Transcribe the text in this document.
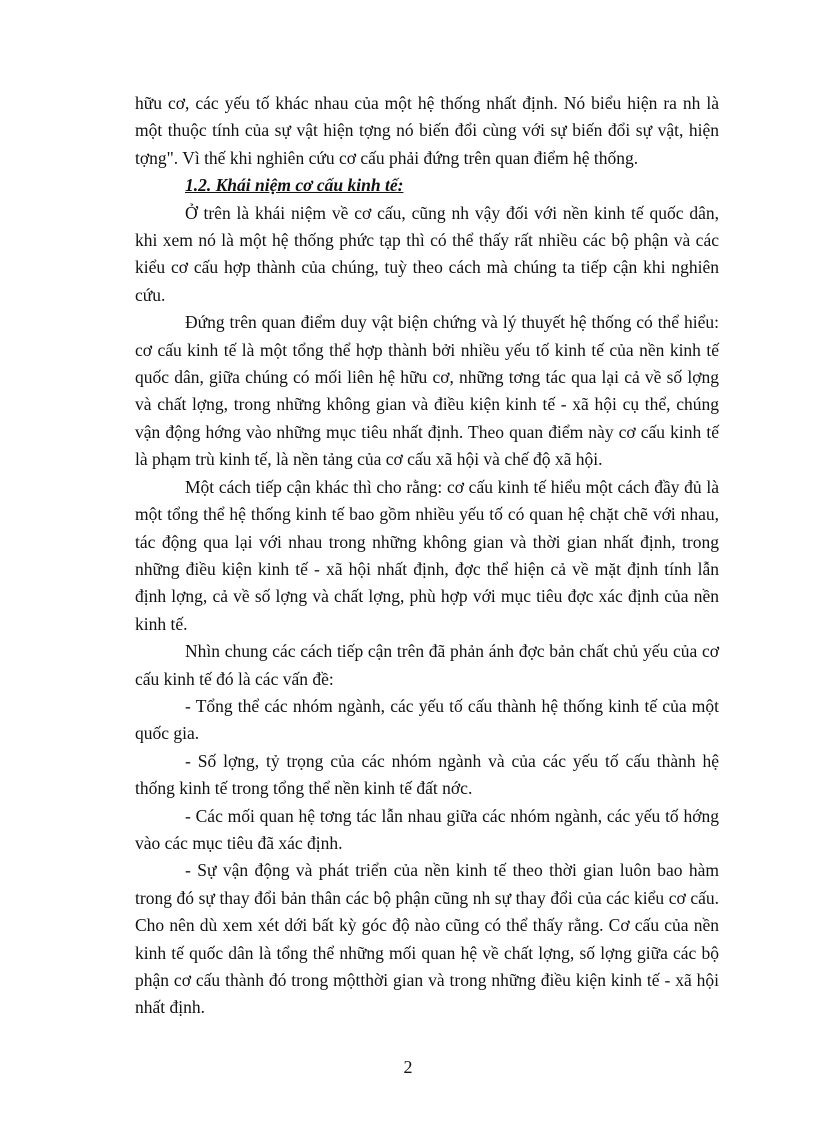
hữu cơ, các yếu tố khác nhau của một hệ thống nhất định. Nó biểu hiện ra nh là một thuộc tính của sự vật hiện tợng nó biến đổi cùng với sự biến đổi sự vật, hiện tợng". Vì thế khi nghiên cứu cơ cấu phải đứng trên quan điểm hệ thống.

1.2. Khái niệm cơ cấu kinh tế:

Ở trên là khái niệm về cơ cấu, cũng nh vậy đối với nền kinh tế quốc dân, khi xem nó là một hệ thống phức tạp thì có thể thấy rất nhiều các bộ phận và các kiểu cơ cấu hợp thành của chúng, tuỳ theo cách mà chúng ta tiếp cận khi nghiên cứu.

Đứng trên quan điểm duy vật biện chứng và lý thuyết hệ thống có thể hiểu: cơ cấu kinh tế là một tổng thể hợp thành bởi nhiều yếu tố kinh tế của nền kinh tế quốc dân, giữa chúng có mối liên hệ hữu cơ, những tơng tác qua lại cả về số lợng và chất lợng, trong những không gian và điều kiện kinh tế - xã hội cụ thể, chúng vận động hớng vào những mục tiêu nhất định. Theo quan điểm này cơ cấu kinh tế là phạm trù kinh tế, là nền tảng của cơ cấu xã hội và chế độ xã hội.

Một cách tiếp cận khác thì cho rằng: cơ cấu kinh tế hiểu một cách đầy đủ là một tổng thể hệ thống kinh tế bao gồm nhiều yếu tố có quan hệ chặt chẽ với nhau, tác động qua lại với nhau trong những không gian và thời gian nhất định, trong những điều kiện kinh tế - xã hội nhất định, đợc thể hiện cả về mặt định tính lẫn định lợng, cả về số lợng và chất lợng, phù hợp với mục tiêu đợc xác định của nền kinh tế.

Nhìn chung các cách tiếp cận trên đã phản ánh đợc bản chất chủ yếu của cơ cấu kinh tế đó là các vấn đề:

- Tổng thể các nhóm ngành, các yếu tố cấu thành hệ thống kinh tế của một quốc gia.

- Số lợng, tỷ trọng của các nhóm ngành và của các yếu tố cấu thành hệ thống kinh tế trong tổng thể nền kinh tế đất nớc.

- Các mối quan hệ tơng tác lẫn nhau giữa các nhóm ngành, các yếu tố hớng vào các mục tiêu đã xác định.

- Sự vận động và phát triển của nền kinh tế theo thời gian luôn bao hàm trong đó sự thay đổi bản thân các bộ phận cũng nh sự thay đổi của các kiểu cơ cấu. Cho nên dù xem xét dới bất kỳ góc độ nào cũng có thể thấy rằng. Cơ cấu của nền kinh tế quốc dân là tổng thể những mối quan hệ về chất lợng, số lợng giữa các bộ phận cơ cấu thành đó trong mộtthời gian và trong những điều kiện kinh tế - xã hội nhất định.

2
